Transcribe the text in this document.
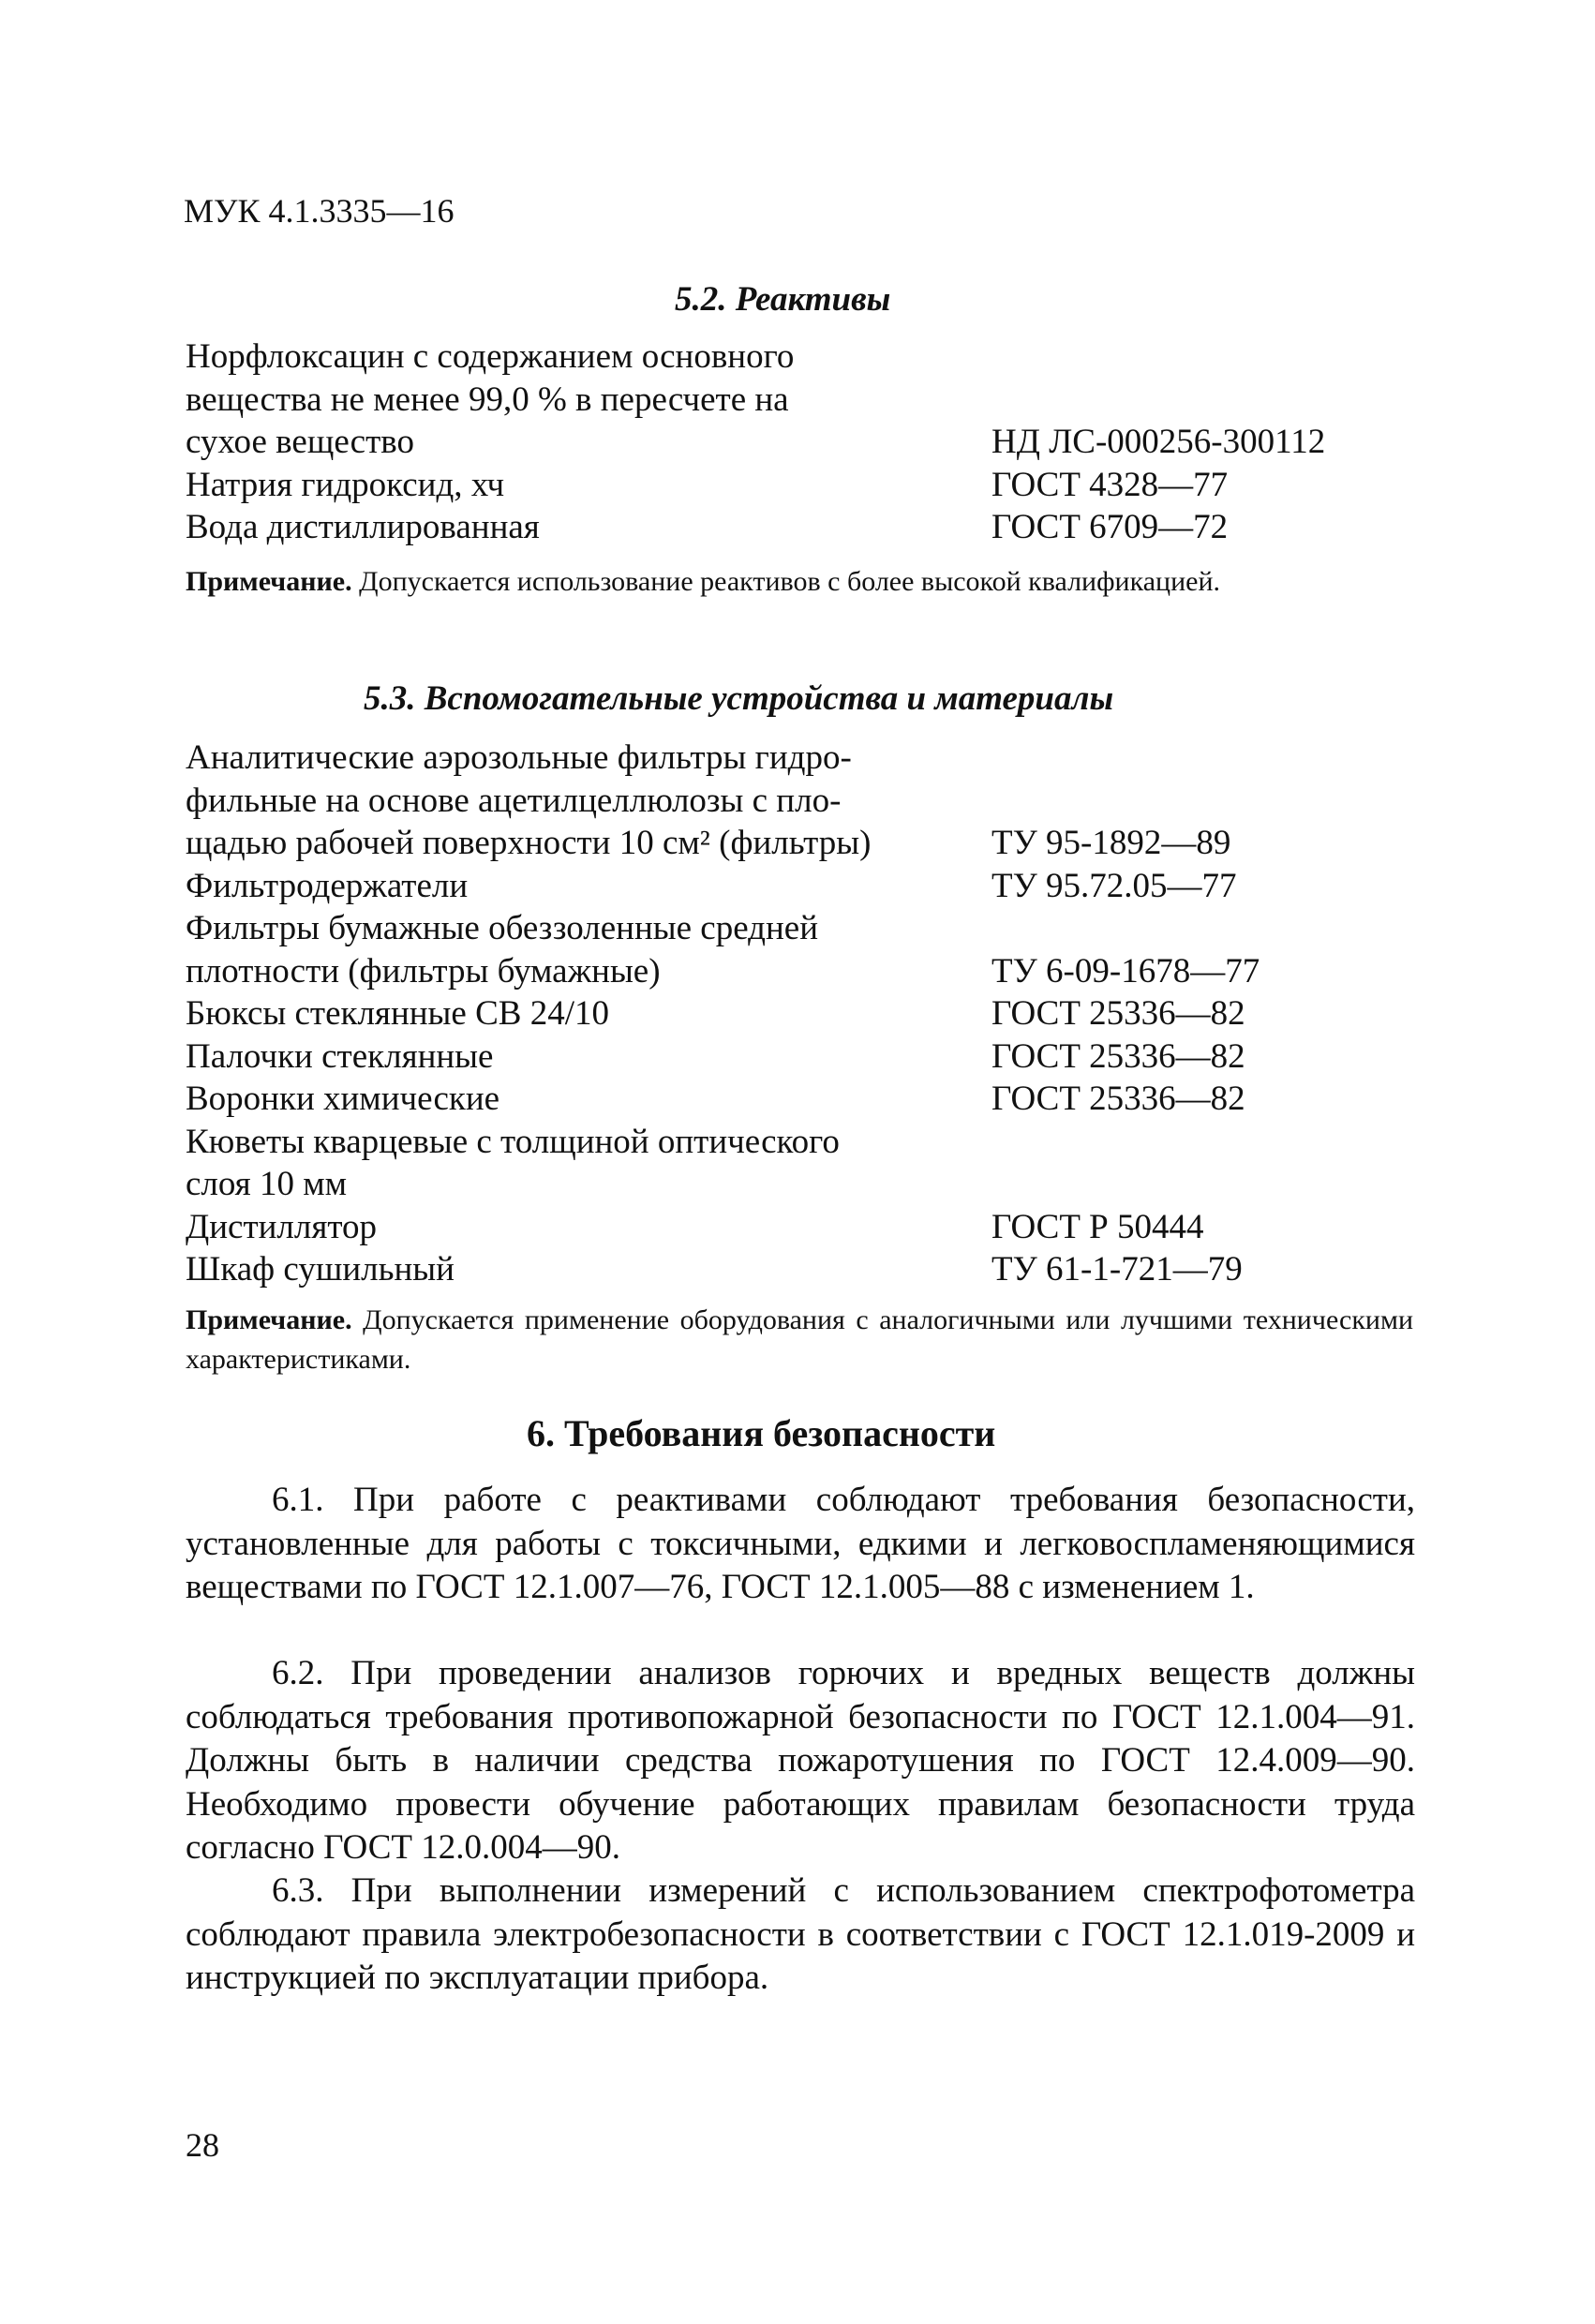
МУК 4.1.3335—16
5.2. Реактивы
Норфлоксацин с содержанием основного
вещества не менее 99,0 % в пересчете на
сухое вещество	НД ЛС-000256-300112
Натрия гидроксид, хч	ГОСТ 4328—77
Вода дистиллированная	ГОСТ 6709—72
Примечание. Допускается использование реактивов с более высокой квалификацией.
5.3. Вспомогательные устройства и материалы
Аналитические аэрозольные фильтры гидро-
фильные на основе ацетилцеллюлозы с пло-
щадью рабочей поверхности 10 см² (фильтры)	ТУ 95-1892—89
Фильтродержатели	ТУ 95.72.05—77
Фильтры бумажные обеззоленные средней
плотности (фильтры бумажные)	ТУ 6-09-1678—77
Бюксы стеклянные СВ 24/10	ГОСТ 25336—82
Палочки стеклянные	ГОСТ 25336—82
Воронки химические	ГОСТ 25336—82
Кюветы кварцевые с толщиной оптического
слоя 10 мм
Дистиллятор	ГОСТ Р 50444
Шкаф сушильный	ТУ 61-1-721—79
Примечание. Допускается применение оборудования с аналогичными или лучшими техническими характеристиками.
6. Требования безопасности
6.1. При работе с реактивами соблюдают требования безопасности, установленные для работы с токсичными, едкими и легковоспламеняющимися веществами по ГОСТ 12.1.007—76, ГОСТ 12.1.005—88 с изменением 1.
6.2. При проведении анализов горючих и вредных веществ должны соблюдаться требования противопожарной безопасности по ГОСТ 12.1.004—91. Должны быть в наличии средства пожаротушения по ГОСТ 12.4.009—90. Необходимо провести обучение работающих правилам безопасности труда согласно ГОСТ 12.0.004—90.
6.3. При выполнении измерений с использованием спектрофотометра соблюдают правила электробезопасности в соответствии с ГОСТ 12.1.019-2009 и инструкцией по эксплуатации прибора.
28
